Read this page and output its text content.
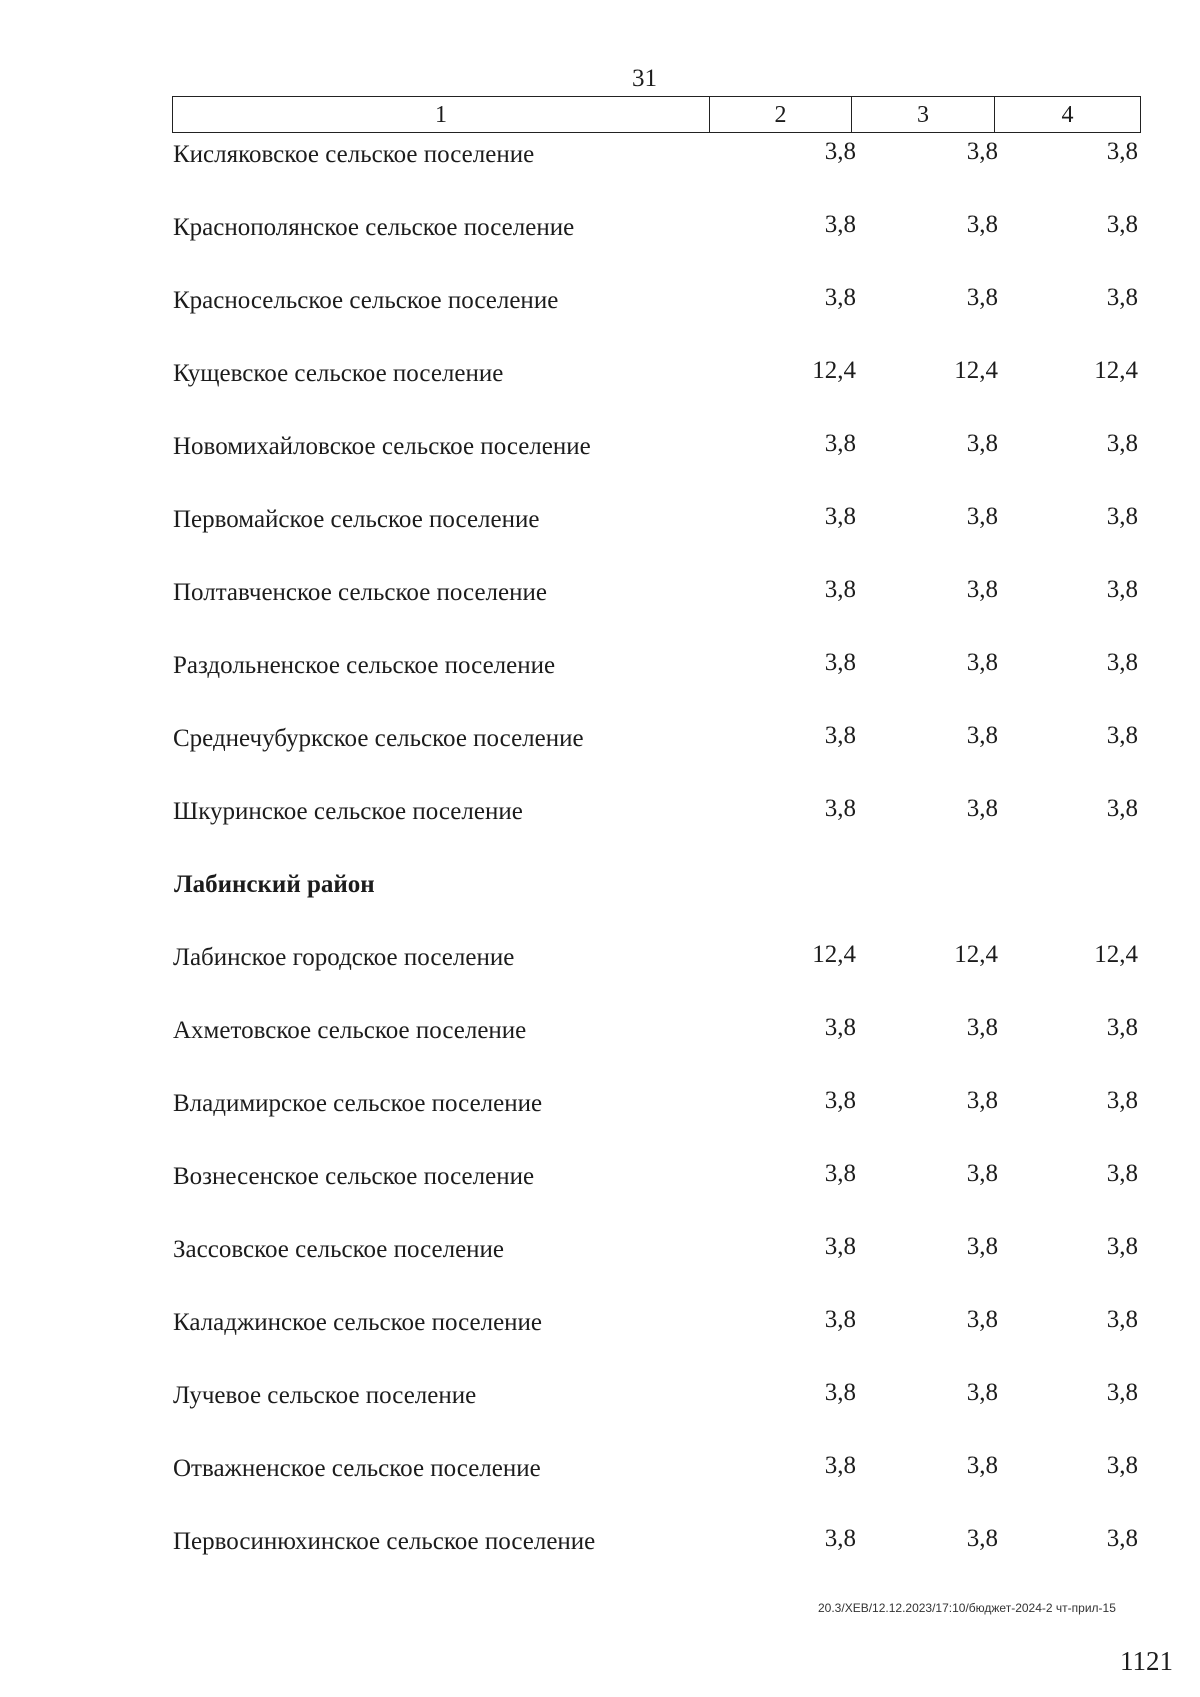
31
1	2	3	4
Кисляковское сельское поселение	3,8	3,8	3,8
Краснополянское сельское поселение	3,8	3,8	3,8
Красносельское сельское поселение	3,8	3,8	3,8
Кущевское сельское поселение	12,4	12,4	12,4
Новомихайловское сельское поселение	3,8	3,8	3,8
Первомайское сельское поселение	3,8	3,8	3,8
Полтавченское сельское поселение	3,8	3,8	3,8
Раздольненское сельское поселение	3,8	3,8	3,8
Среднечубуркское сельское поселение	3,8	3,8	3,8
Шкуринское сельское поселение	3,8	3,8	3,8
Лабинский район
Лабинское городское поселение	12,4	12,4	12,4
Ахметовское сельское поселение	3,8	3,8	3,8
Владимирское сельское поселение	3,8	3,8	3,8
Вознесенское сельское поселение	3,8	3,8	3,8
Зассовское сельское поселение	3,8	3,8	3,8
Каладжинское сельское поселение	3,8	3,8	3,8
Лучевое сельское поселение	3,8	3,8	3,8
Отважненское сельское поселение	3,8	3,8	3,8
Первосинюхинское сельское поселение	3,8	3,8	3,8
20.3/ХЕВ/12.12.2023/17:10/бюджет-2024-2 чт-прил-15
1121
